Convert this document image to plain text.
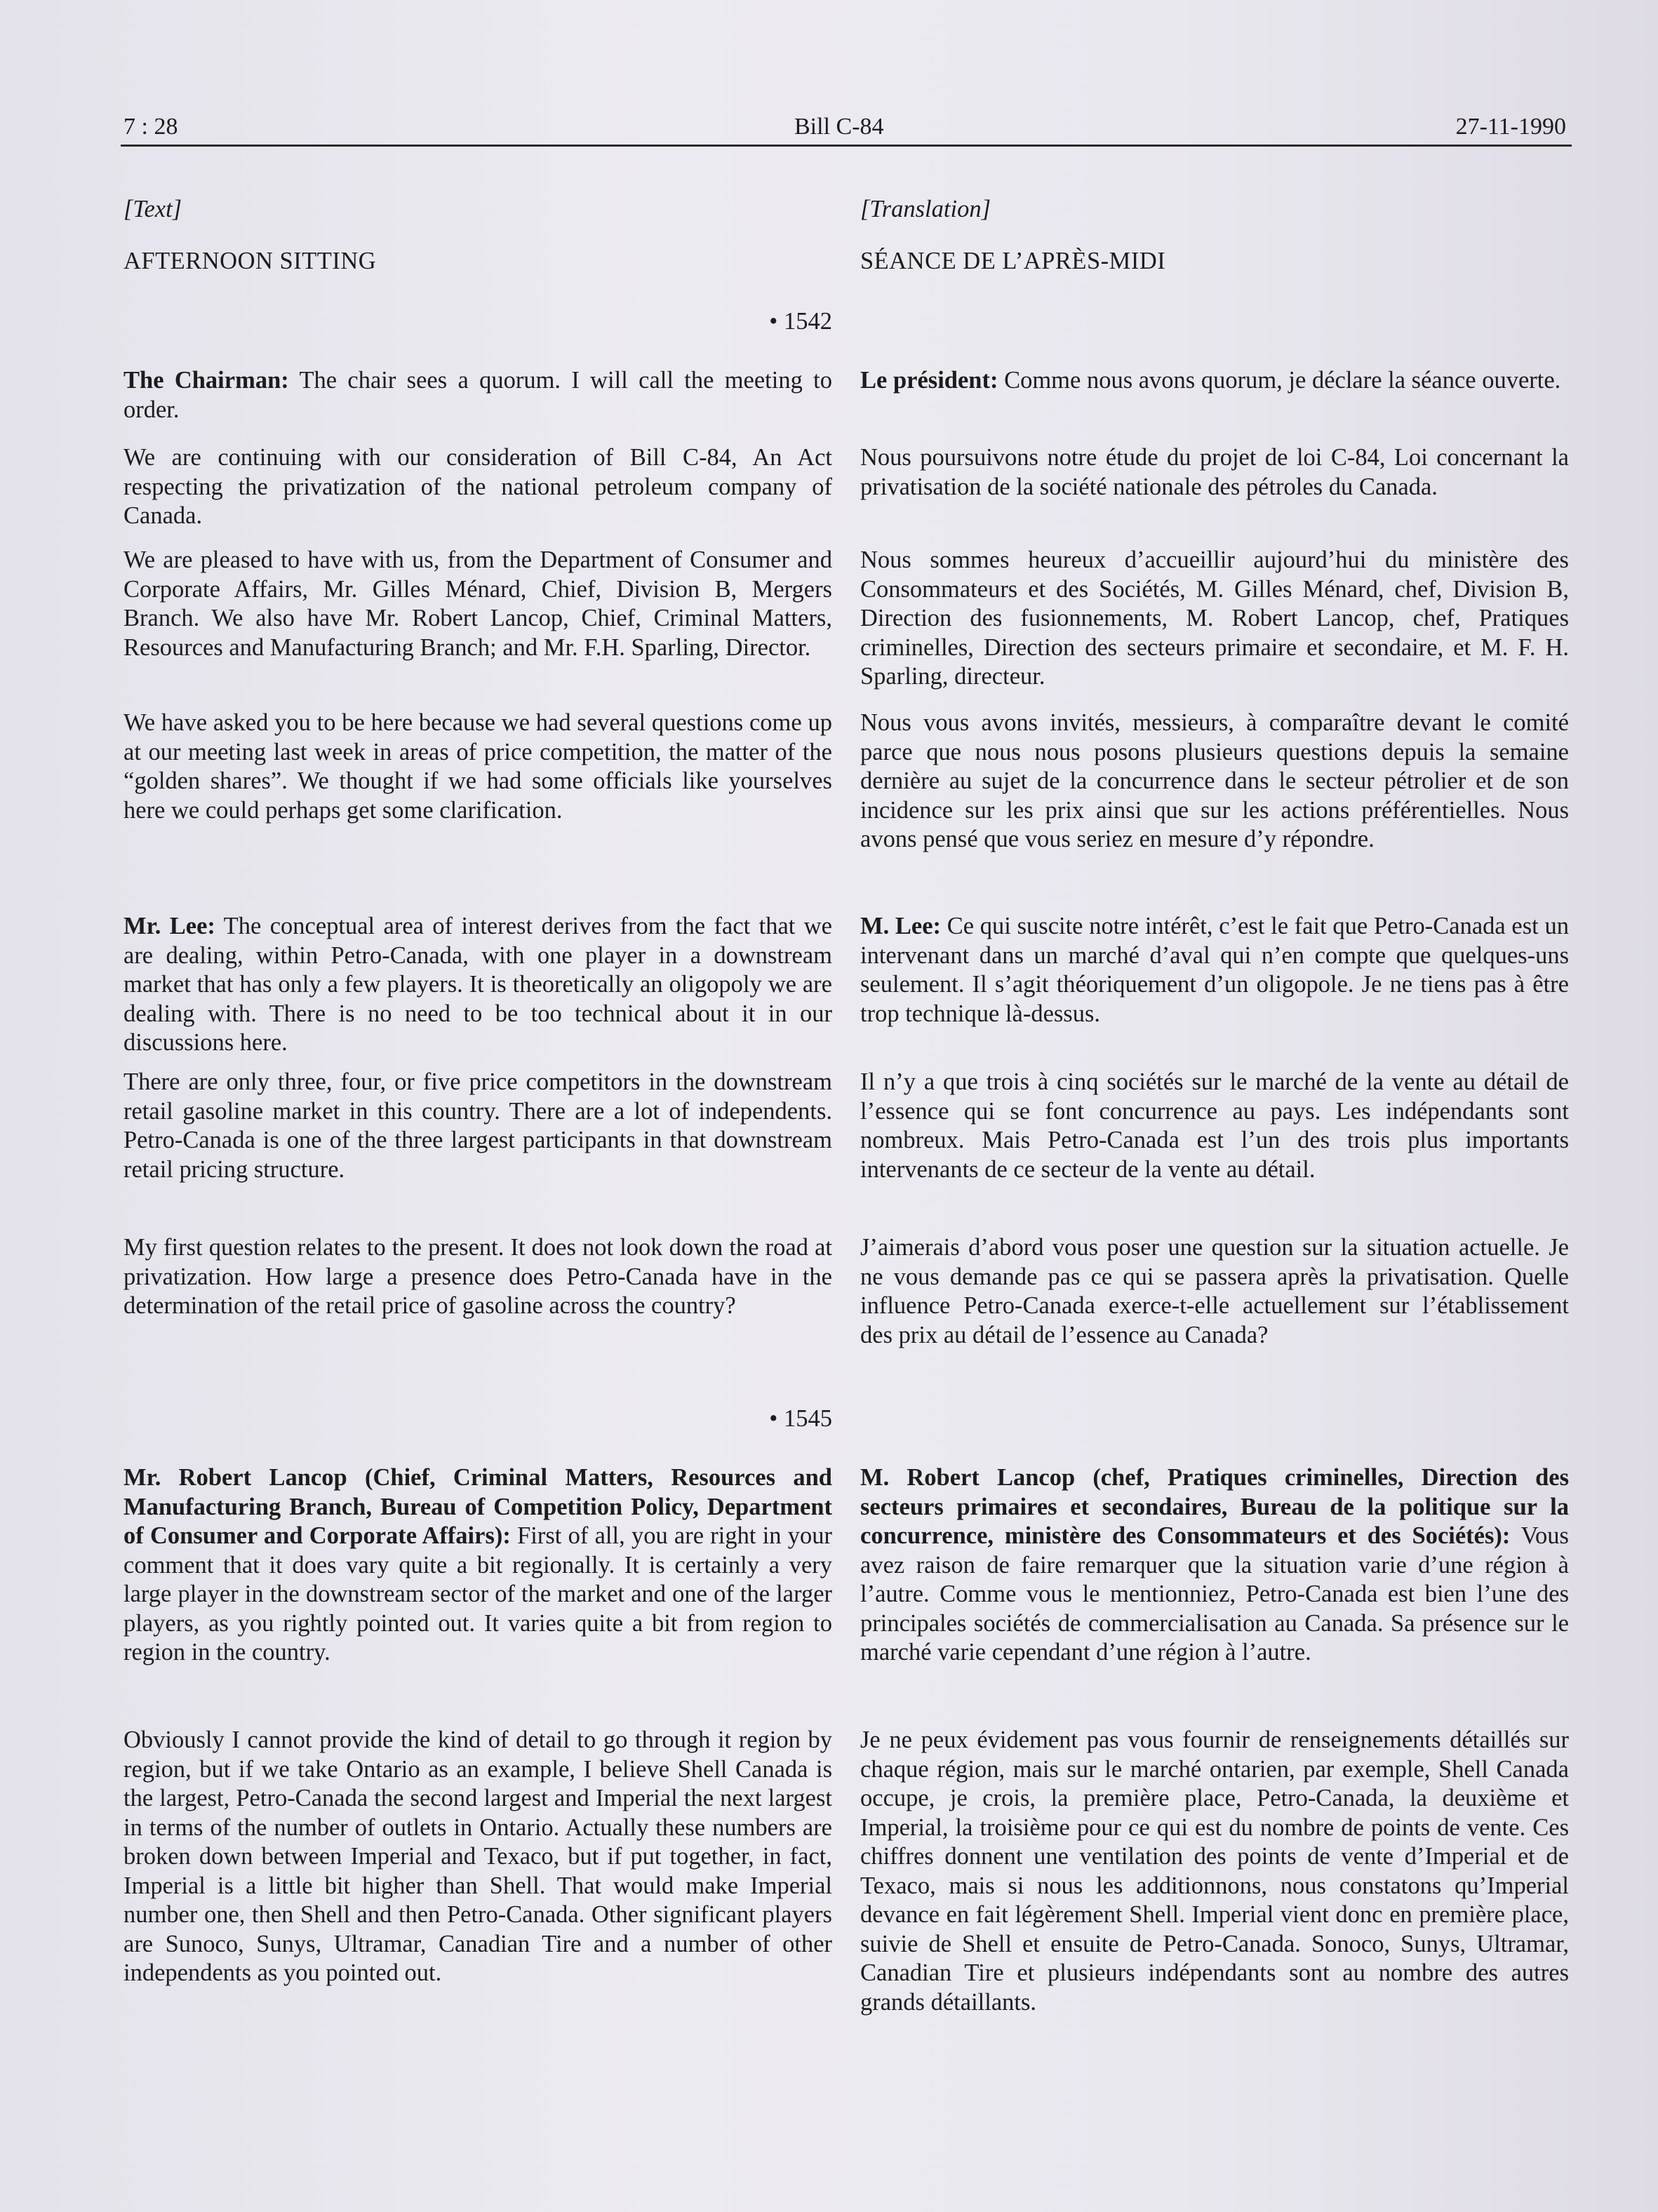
7 : 28	Bill C-84	27-11-1990
[Text]
AFTERNOON SITTING
• 1542

The Chairman: The chair sees a quorum. I will call the meeting to order.

We are continuing with our consideration of Bill C-84, An Act respecting the privatization of the national petroleum company of Canada.

We are pleased to have with us, from the Department of Consumer and Corporate Affairs, Mr. Gilles Ménard, Chief, Division B, Mergers Branch. We also have Mr. Robert Lancop, Chief, Criminal Matters, Resources and Manufacturing Branch; and Mr. F.H. Sparling, Director.

We have asked you to be here because we had several questions come up at our meeting last week in areas of price competition, the matter of the “golden shares”. We thought if we had some officials like yourselves here we could perhaps get some clarification.

Mr. Lee: The conceptual area of interest derives from the fact that we are dealing, within Petro-Canada, with one player in a downstream market that has only a few players. It is theoretically an oligopoly we are dealing with. There is no need to be too technical about it in our discussions here.

There are only three, four, or five price competitors in the downstream retail gasoline market in this country. There are a lot of independents. Petro-Canada is one of the three largest participants in that downstream retail pricing structure.

My first question relates to the present. It does not look down the road at privatization. How large a presence does Petro-Canada have in the determination of the retail price of gasoline across the country?

• 1545

Mr. Robert Lancop (Chief, Criminal Matters, Resources and Manufacturing Branch, Bureau of Competition Policy, Department of Consumer and Corporate Affairs): First of all, you are right in your comment that it does vary quite a bit regionally. It is certainly a very large player in the downstream sector of the market and one of the larger players, as you rightly pointed out. It varies quite a bit from region to region in the country.

Obviously I cannot provide the kind of detail to go through it region by region, but if we take Ontario as an example, I believe Shell Canada is the largest, Petro-Canada the second largest and Imperial the next largest in terms of the number of outlets in Ontario. Actually these numbers are broken down between Imperial and Texaco, but if put together, in fact, Imperial is a little bit higher than Shell. That would make Imperial number one, then Shell and then Petro-Canada. Other significant players are Sunoco, Sunys, Ultramar, Canadian Tire and a number of other independents as you pointed out.

[Translation]
SÉANCE DE L’APRÈS-MIDI

Le président: Comme nous avons quorum, je déclare la séance ouverte.

Nous poursuivons notre étude du projet de loi C-84, Loi concernant la privatisation de la société nationale des pétroles du Canada.

Nous sommes heureux d’accueillir aujourd’hui du ministère des Consommateurs et des Sociétés, M. Gilles Ménard, chef, Division B, Direction des fusionnements, M. Robert Lancop, chef, Pratiques criminelles, Direction des secteurs primaire et secondaire, et M. F. H. Sparling, directeur.

Nous vous avons invités, messieurs, à comparaître devant le comité parce que nous nous posons plusieurs questions depuis la semaine dernière au sujet de la concurrence dans le secteur pétrolier et de son incidence sur les prix ainsi que sur les actions préférentielles. Nous avons pensé que vous seriez en mesure d’y répondre.

M. Lee: Ce qui suscite notre intérêt, c’est le fait que Petro-Canada est un intervenant dans un marché d’aval qui n’en compte que quelques-uns seulement. Il s’agit théoriquement d’un oligopole. Je ne tiens pas à être trop technique là-dessus.

Il n’y a que trois à cinq sociétés sur le marché de la vente au détail de l’essence qui se font concurrence au pays. Les indépendants sont nombreux. Mais Petro-Canada est l’un des trois plus importants intervenants de ce secteur de la vente au détail.

J’aimerais d’abord vous poser une question sur la situation actuelle. Je ne vous demande pas ce qui se passera après la privatisation. Quelle influence Petro-Canada exerce-t-elle actuellement sur l’établissement des prix au détail de l’essence au Canada?

M. Robert Lancop (chef, Pratiques criminelles, Direction des secteurs primaires et secondaires, Bureau de la politique sur la concurrence, ministère des Consommateurs et des Sociétés): Vous avez raison de faire remarquer que la situation varie d’une région à l’autre. Comme vous le mentionniez, Petro-Canada est bien l’une des principales sociétés de commercialisation au Canada. Sa présence sur le marché varie cependant d’une région à l’autre.

Je ne peux évidement pas vous fournir de renseignements détaillés sur chaque région, mais sur le marché ontarien, par exemple, Shell Canada occupe, je crois, la première place, Petro-Canada, la deuxième et Imperial, la troisième pour ce qui est du nombre de points de vente. Ces chiffres donnent une ventilation des points de vente d’Imperial et de Texaco, mais si nous les additionnons, nous constatons qu’Imperial devance en fait légèrement Shell. Imperial vient donc en première place, suivie de Shell et ensuite de Petro-Canada. Sonoco, Sunys, Ultramar, Canadian Tire et plusieurs indépendants sont au nombre des autres grands détaillants.
